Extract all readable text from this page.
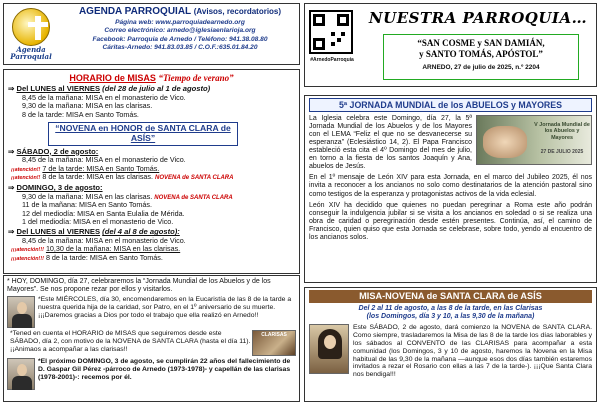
Agenda Parroquial
AGENDA PARROQUIAL (Avisos, recordatorios)
Página web: www.parroquiadearnedo.org
Correo electrónico: arnedo@iglesiaenlarioja.org
Facebook: Parroquia de Arnedo / Teléfono: 941.38.08.80
Cáritas-Arnedo: 941.83.03.85 / C.O.F.:635.01.84.20
HORARIO de MISAS “Tiempo de verano”
⇒ Del LUNES al VIERNES (del 28 de julio al 1 de agosto)
8,45 de la mañana: MISA en el monasterio de Vico.
9,30 de la mañana: MISA en las clarisas.
8 de la tarde: MISA en Santo Tomás.
“NOVENA en HONOR de SANTA CLARA de ASÍS”
⇒ SÁBADO, 2 de agosto:
8,45 de la mañana: MISA en el monasterio de Vico.
¡¡atención!! 7 de la tarde: MISA en Santo Tomás.
¡¡atención!! 8 de la tarde: MISA en las clarisas. NOVENA de SANTA CLARA
⇒ DOMINGO, 3 de agosto:
9,30 de la mañana: MISA en las clarisas. NOVENA de SANTA CLARA
11 de la mañana: MISA en Santo Tomás.
12 del mediodía: MISA en Santa Eulalia de Mérida.
1 del mediodía: MISA en el monasterio de Vico.
⇒ Del LUNES al VIERNES (del 4 al 8 de agosto):
8,45 de la mañana: MISA en el monasterio de Vico.
¡¡¡atención!!! 10,30 de la mañana: MISA en las clarisas.
¡¡¡atención!!! 8 de la tarde: MISA en Santo Tomás.
* HOY, DOMINGO, día 27, celebraremos la “Jornada Mundial de los Abuelos y de los Mayores”. Se nos propone rezar por ellos y visitarlos.
*Este MIÉRCOLES, día 30, encomendaremos en la Eucaristía de las 8 de la tarde a nuestra querida hija de la caridad, sor Patro, en el 1º aniversario de su muerte. ¡¡¡Daremos gracias a Dios por todo el trabajo que ella realizó en Arnedo!!
*Tened en cuenta el HORARIO de MISAS que seguiremos desde este SÁBADO, día 2, con motivo de la NOVENA de SANTA CLARA (hasta el día 11). ¡¡Animaos a acompañar a las clarisas!!
CLARISAS
*El próximo DOMINGO, 3 de agosto, se cumplirán 22 años del fallecimiento de D. Gaspar Gil Pérez -párroco de Arnedo (1973-1978)- y capellán de las clarisas (1978-2001)-: recemos por él.
#ArnedoParroquia
NUESTRA PARROQUIA…
“SAN COSME y SAN DAMIÁN,
y SANTO TOMÁS, APÓSTOL”
ARNEDO, 27 de julio de 2025, n.º 2204
5ª JORNADA MUNDIAL de los ABUELOS y MAYORES
V Jornada Mundial de los Abuelos y Mayores
27 DE JULIO 2025

La Iglesia celebra este Domingo, día 27, la 5ª Jornada Mundial de los Abuelos y de los Mayores con el LEMA “Feliz el que no se desvanecerse su esperanza” (Eclesiástico 14, 2). El Papa Francisco estableció esta cita el 4º Domingo del mes de julio, en torno a la fiesta de los santos Joaquín y Ana, abuelos de Jesús.

En el 1º mensaje de León XIV para esta Jornada, en el marco del Jubileo 2025, él nos invita a reconocer a los ancianos no solo como destinatarios de la atención pastoral sino como testigos de la esperanza y protagonistas activos de la vida eclesial.

León XIV ha decidido que quienes no puedan peregrinar a Roma este año podrán conseguir la indulgencia jubilar si se visita a los ancianos en soledad o si se realiza una obra de caridad o peregrinación desde estén presentes. Continúa, así, el camino de Francisco, quien quiso que esta Jornada se celebrase, sobre todo, yendo al encuentro de los ancianos solos.

MISA-NOVENA de SANTA CLARA de ASÍS
Del 2 al 11 de agosto, a las 8 de la tarde, en las Clarisas
(los Domingos, día 3 y 10, a las 9,30 de la mañana)
Este SÁBADO, 2 de agosto, dará comienzo la NOVENA de SANTA CLARA. Como siempre, trasladaremos la Misa de las 8 de la tarde los días laborables y los sábados al CONVENTO de las CLARISAS para acompañar a esta comunidad (los Domingos, 3 y 10 de agosto, haremos la Novena en la Misa habitual de las 9,30 de la mañana —aunque esos dos días también estaremos invitados a rezar el Rosario con ellas a las 7 de la tarde-). ¡¡¡Que Santa Clara nos bendiga!!!
